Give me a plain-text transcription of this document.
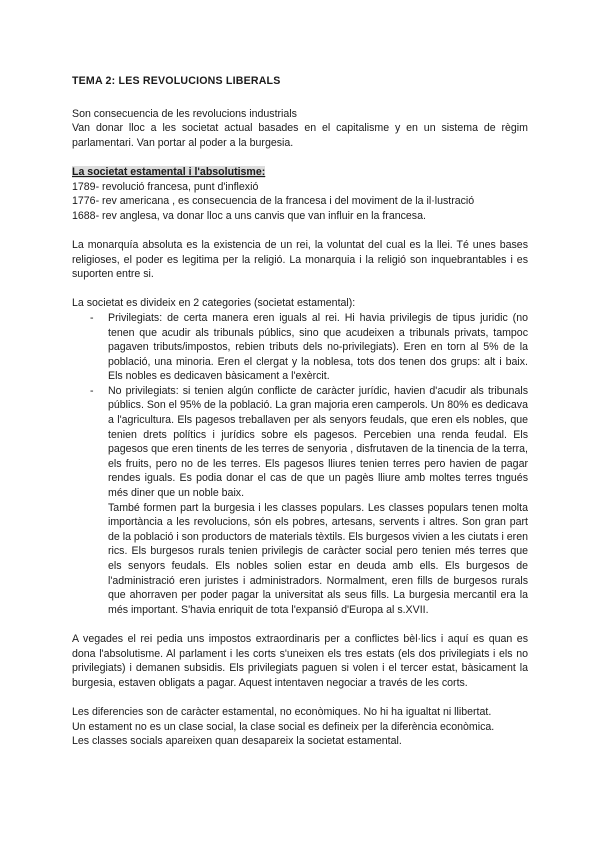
TEMA 2: LES REVOLUCIONS LIBERALS

Son consecuencia de les revolucions industrials

Van donar lloc a les societat actual basades en el capitalisme y en un sistema de règim parlamentari. Van portar al poder a la burgesia.

La societat estamental i l'absolutisme:

1789- revolució francesa, punt d'inflexió

1776- rev americana , es consecuencia de la francesa i del moviment de la il·lustració

1688- rev anglesa, va donar lloc a uns canvis que van influir en la francesa.

La monarquía absoluta es la existencia de un rei, la voluntat del cual es la llei. Té unes bases religioses, el poder es legitima per la religió. La monarquia i la religió son inquebrantables i es suporten entre si.

La societat es divideix en 2 categories (societat estamental):

- Privilegiats: de certa manera eren iguals al rei. Hi havia privilegis de tipus juridic (no tenen que acudir als tribunals públics, sino que acudeixen a tribunals privats, tampoc pagaven tributs/impostos, rebien tributs dels no-privilegiats). Eren en torn al 5% de la població, una minoria. Eren el clergat y la noblesa, tots dos tenen dos grups: alt i baix. Els nobles es dedicaven bàsicament a l'exèrcit.

- No privilegiats: si tenien algún conflicte de caràcter jurídic, havien d'acudir als tribunals públics. Son el 95% de la població. La gran majoria eren camperols. Un 80% es dedicava a l'agricultura. Els pagesos treballaven per als senyors feudals, que eren els nobles, que tenien drets polítics i jurídics sobre els pagesos. Percebien una renda feudal. Els pagesos que eren tinents de les terres de senyoria , disfrutaven de la tinencia de la terra, els fruits, pero no de les terres. Els pagesos lliures tenien terres pero havien de pagar rendes iguals. Es podia donar el cas de que un pagès lliure amb moltes terres tngués més diner que un noble baix.

També formen part la burgesia i les classes populars. Les classes populars tenen molta importància a les revolucions, són els pobres, artesans, servents i altres. Son gran part de la població i son productors de materials tèxtils. Els burgesos vivien a les ciutats i eren rics. Els burgesos rurals tenien privilegis de caràcter social pero tenien més terres que els senyors feudals. Els nobles solien estar en deuda amb ells. Els burgesos de l'administració eren juristes i administradors. Normalment, eren fills de burgesos rurals que ahorraven per poder pagar la universitat als seus fills. La burgesia mercantil era la més important. S'havia enriquit de tota l'expansió d'Europa al s.XVII.

A vegades el rei pedia uns impostos extraordinaris per a conflictes bèl·lics i aquí es quan es dona l'absolutisme. Al parlament i les corts s'uneixen els tres estats (els dos privilegiats i els no privilegiats) i demanen subsidis. Els privilegiats paguen si volen i el tercer estat, bàsicament la burgesia, estaven obligats a pagar. Aquest intentaven negociar a través de les corts.

Les diferencies son de caràcter estamental, no econòmiques. No hi ha igualtat ni llibertat.

Un estament no es un clase social, la clase social es defineix per la diferència econòmica.

Les classes socials apareixen quan desapareix la societat estamental.
